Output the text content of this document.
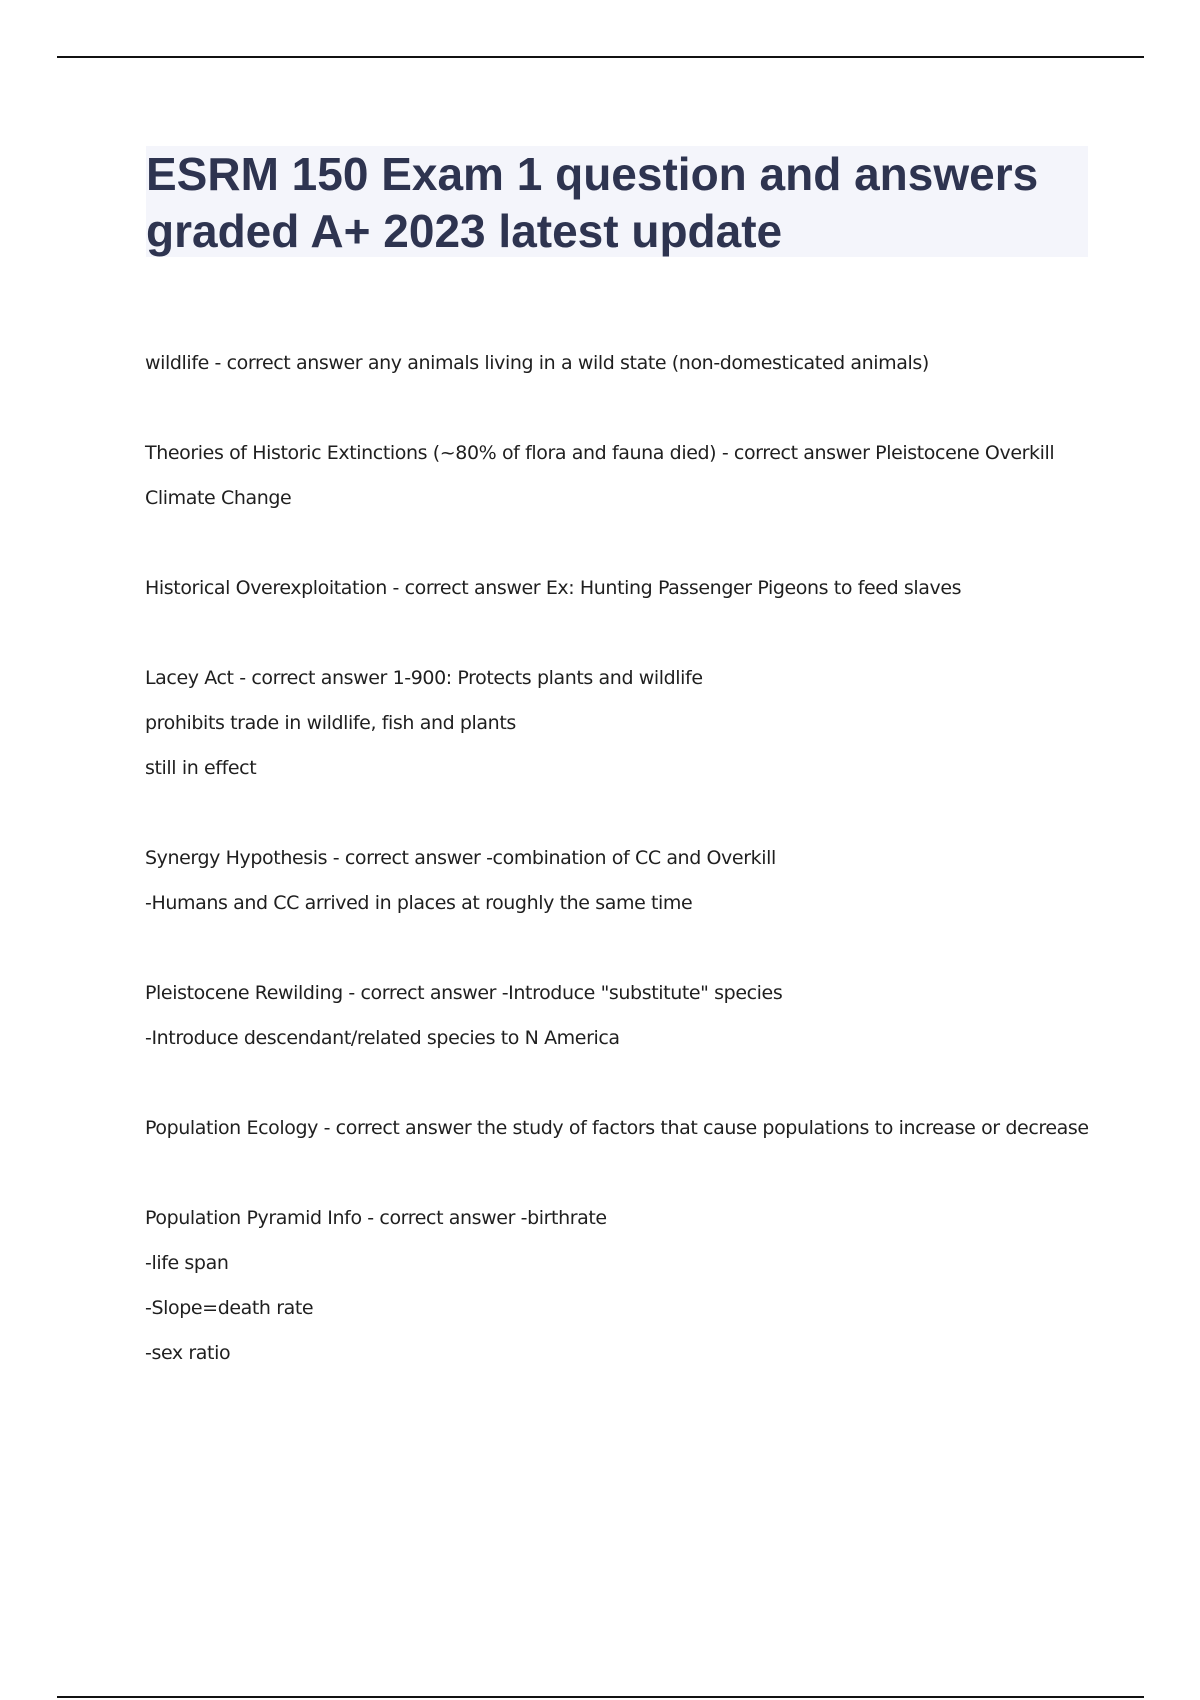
ESRM 150 Exam 1 question and answers
graded A+ 2023 latest update
wildlife - correct answer any animals living in a wild state (non-domesticated animals)
Theories of Historic Extinctions (~80% of flora and fauna died) - correct answer Pleistocene Overkill
Climate Change
Historical Overexploitation - correct answer Ex: Hunting Passenger Pigeons to feed slaves
Lacey Act - correct answer 1-900: Protects plants and wildlife
prohibits trade in wildlife, fish and plants
still in effect
Synergy Hypothesis - correct answer -combination of CC and Overkill
-Humans and CC arrived in places at roughly the same time
Pleistocene Rewilding - correct answer -Introduce "substitute" species
-Introduce descendant/related species to N America
Population Ecology - correct answer the study of factors that cause populations to increase or decrease
Population Pyramid Info - correct answer -birthrate
-life span
-Slope=death rate
-sex ratio
